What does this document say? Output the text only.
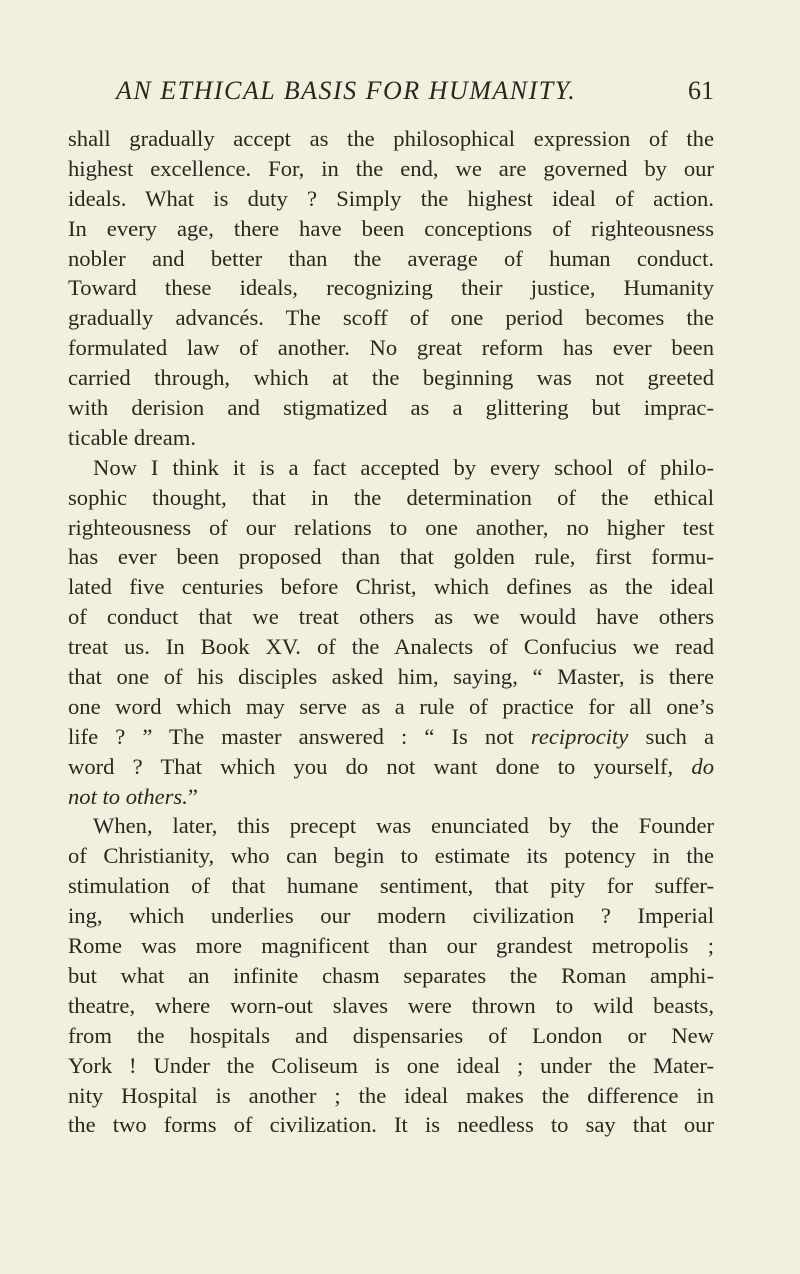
AN ETHICAL BASIS FOR HUMANITY.	61
shall gradually accept as the philosophical expression of the
highest excellence. For, in the end, we are governed by our
ideals. What is duty ? Simply the highest ideal of action.
In every age, there have been conceptions of righteousness
nobler and better than the average of human conduct.
Toward these ideals, recognizing their justice, Humanity
gradually advancés. The scoff of one period becomes the
formulated law of another. No great reform has ever been
carried through, which at the beginning was not greeted
with derision and stigmatized as a glittering but imprac-
ticable dream.
Now I think it is a fact accepted by every school of philo-
sophic thought, that in the determination of the ethical
righteousness of our relations to one another, no higher test
has ever been proposed than that golden rule, first formu-
lated five centuries before Christ, which defines as the ideal
of conduct that we treat others as we would have others
treat us. In Book XV. of the Analects of Confucius we read
that one of his disciples asked him, saying, “ Master, is there
one word which may serve as a rule of practice for all one’s
life ? ” The master answered : “ Is not reciprocity such a
word ? That which you do not want done to yourself, do
not to others.”
When, later, this precept was enunciated by the Founder
of Christianity, who can begin to estimate its potency in the
stimulation of that humane sentiment, that pity for suffer-
ing, which underlies our modern civilization ? Imperial
Rome was more magnificent than our grandest metropolis ;
but what an infinite chasm separates the Roman amphi-
theatre, where worn-out slaves were thrown to wild beasts,
from the hospitals and dispensaries of London or New
York ! Under the Coliseum is one ideal ; under the Mater-
nity Hospital is another ; the ideal makes the difference in
the two forms of civilization. It is needless to say that our
